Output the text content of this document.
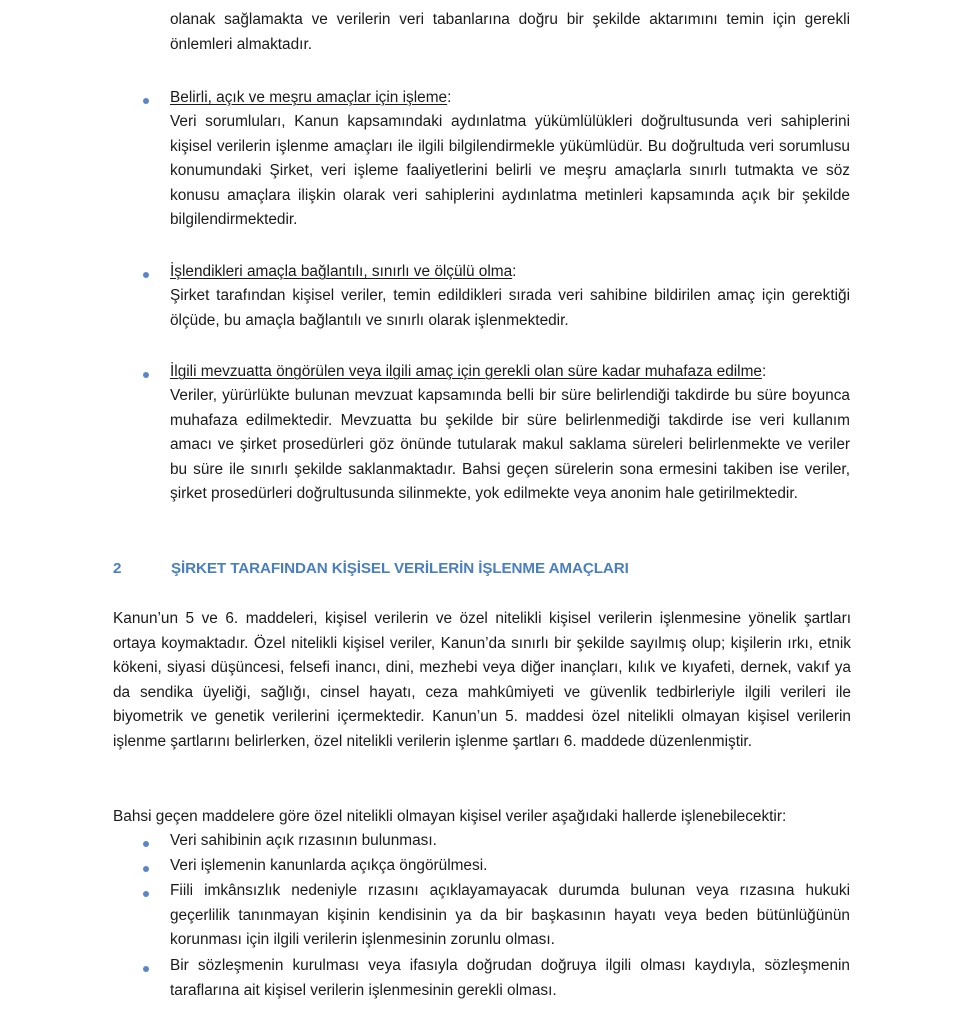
olanak sağlamakta ve verilerin veri tabanlarına doğru bir şekilde aktarımını temin için gerekli önlemleri almaktadır.
Belirli, açık ve meşru amaçlar için işleme:
Veri sorumluları, Kanun kapsamındaki aydınlatma yükümlülükleri doğrultusunda veri sahiplerini kişisel verilerin işlenme amaçları ile ilgili bilgilendirmekle yükümlüdür. Bu doğrultuda veri sorumlusu konumundaki Şirket, veri işleme faaliyetlerini belirli ve meşru amaçlarla sınırlı tutmakta ve söz konusu amaçlara ilişkin olarak veri sahiplerini aydınlatma metinleri kapsamında açık bir şekilde bilgilendirmektedir.
İşlendikleri amaçla bağlantılı, sınırlı ve ölçülü olma:
Şirket tarafından kişisel veriler, temin edildikleri sırada veri sahibine bildirilen amaç için gerektiği ölçüde, bu amaçla bağlantılı ve sınırlı olarak işlenmektedir.
İlgili mevzuatta öngörülen veya ilgili amaç için gerekli olan süre kadar muhafaza edilme:
Veriler, yürürlükte bulunan mevzuat kapsamında belli bir süre belirlendiği takdirde bu süre boyunca muhafaza edilmektedir. Mevzuatta bu şekilde bir süre belirlenmediği takdirde ise veri kullanım amacı ve şirket prosedürleri göz önünde tutularak makul saklama süreleri belirlenmekte ve veriler bu süre ile sınırlı şekilde saklanmaktadır. Bahsi geçen sürelerin sona ermesini takiben ise veriler, şirket prosedürleri doğrultusunda silinmekte, yok edilmekte veya anonim hale getirilmektedir.
2	ŞİRKET TARAFINDAN KİŞİSEL VERİLERİN İŞLENME AMAÇLARI
Kanun’un 5 ve 6. maddeleri, kişisel verilerin ve özel nitelikli kişisel verilerin işlenmesine yönelik şartları ortaya koymaktadır. Özel nitelikli kişisel veriler, Kanun’da sınırlı bir şekilde sayılmış olup; kişilerin ırkı, etnik kökeni, siyasi düşüncesi, felsefi inancı, dini, mezhebi veya diğer inançları, kılık ve kıyafeti, dernek, vakıf ya da sendika üyeliği, sağlığı, cinsel hayatı, ceza mahkûmiyeti ve güvenlik tedbirleriyle ilgili verileri ile biyometrik ve genetik verilerini içermektedir. Kanun’un 5. maddesi özel nitelikli olmayan kişisel verilerin işlenme şartlarını belirlerken, özel nitelikli verilerin işlenme şartları 6. maddede düzenlenmiştir.
Bahsi geçen maddelere göre özel nitelikli olmayan kişisel veriler aşağıdaki hallerde işlenebilecektir:
Veri sahibinin açık rızasının bulunması.
Veri işlemenin kanunlarda açıkça öngörülmesi.
Fiili imkânsızlık nedeniyle rızasını açıklayamayacak durumda bulunan veya rızasına hukuki geçerlilik tanınmayan kişinin kendisinin ya da bir başkasının hayatı veya beden bütünlüğünün korunması için ilgili verilerin işlenmesinin zorunlu olması.
Bir sözleşmenin kurulması veya ifasıyla doğrudan doğruya ilgili olması kaydıyla, sözleşmenin taraflarına ait kişisel verilerin işlenmesinin gerekli olması.
